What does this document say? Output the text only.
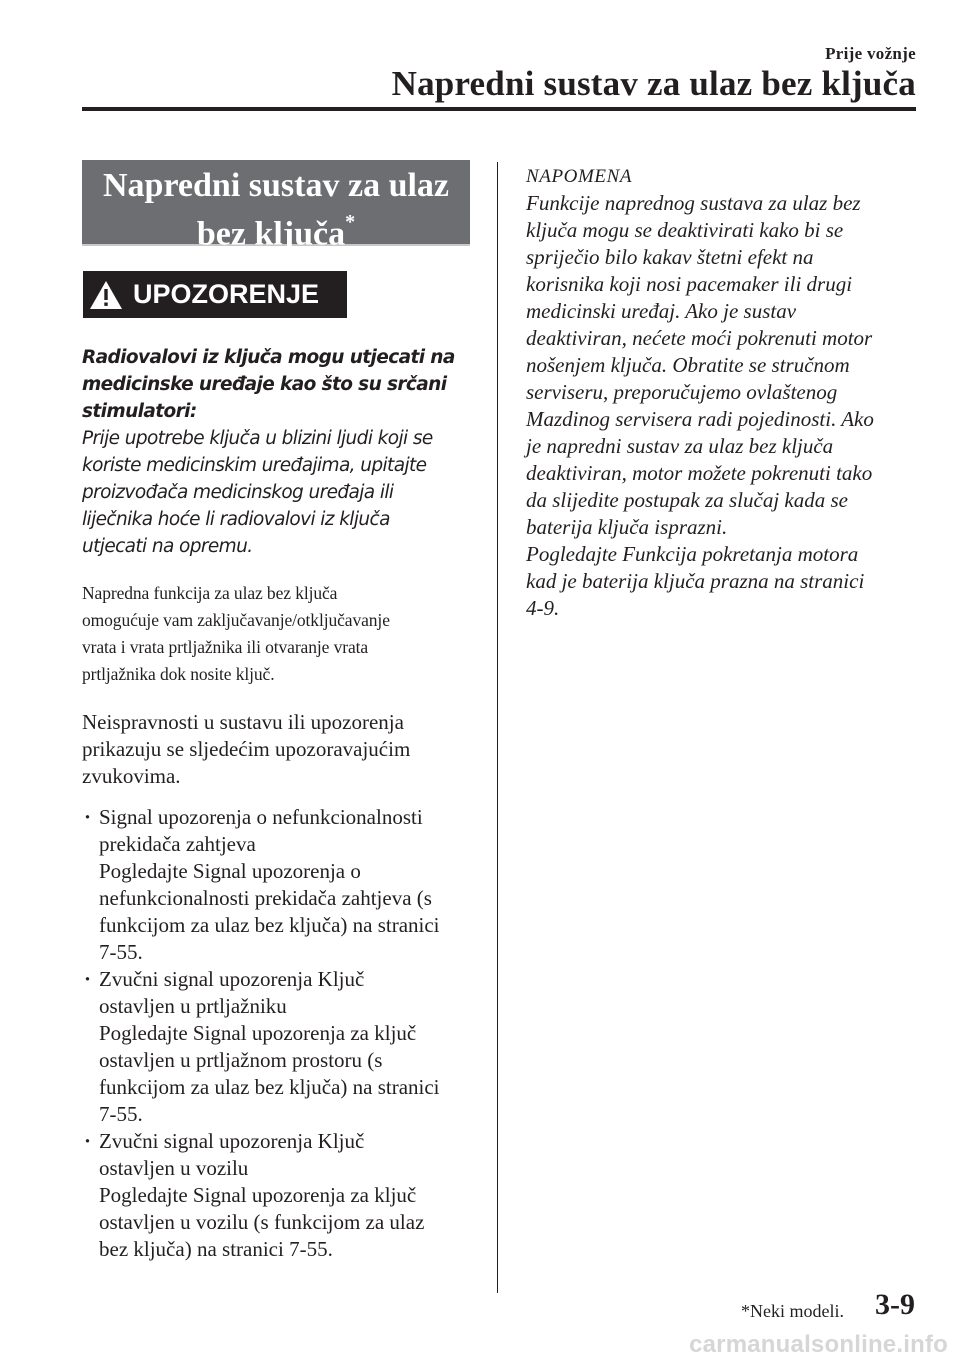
Prije vožnje
Napredni sustav za ulaz bez ključa
Napredni sustav za ulaz
bez ključa*
UPOZORENJE
Radiovalovi iz ključa mogu utjecati na
medicinske uređaje kao što su srčani
stimulatori:
Prije upotrebe ključa u blizini ljudi koji se
koriste medicinskim uređajima, upitajte
proizvođača medicinskog uređaja ili
liječnika hoće li radiovalovi iz ključa
utjecati na opremu.
Napredna funkcija za ulaz bez ključa
omogućuje vam zaključavanje/otključavanje
vrata i vrata prtljažnika ili otvaranje vrata
prtljažnika dok nosite ključ.
Neispravnosti u sustavu ili upozorenja
prikazuju se sljedećim upozoravajućim
zvukovima.
· Signal upozorenja o nefunkcionalnosti
prekidača zahtjeva
Pogledajte Signal upozorenja o
nefunkcionalnosti prekidača zahtjeva (s
funkcijom za ulaz bez ključa) na stranici
7-55.
· Zvučni signal upozorenja Ključ
ostavljen u prtljažniku
Pogledajte Signal upozorenja za ključ
ostavljen u prtljažnom prostoru (s
funkcijom za ulaz bez ključa) na stranici
7-55.
· Zvučni signal upozorenja Ključ
ostavljen u vozilu
Pogledajte Signal upozorenja za ključ
ostavljen u vozilu (s funkcijom za ulaz
bez ključa) na stranici 7-55.
NAPOMENA
Funkcije naprednog sustava za ulaz bez
ključa mogu se deaktivirati kako bi se
spriječio bilo kakav štetni efekt na
korisnika koji nosi pacemaker ili drugi
medicinski uređaj. Ako je sustav
deaktiviran, nećete moći pokrenuti motor
nošenjem ključa. Obratite se stručnom
serviseru, preporučujemo ovlaštenog
Mazdinog servisera radi pojedinosti. Ako
je napredni sustav za ulaz bez ključa
deaktiviran, motor možete pokrenuti tako
da slijedite postupak za slučaj kada se
baterija ključa isprazni.
Pogledajte Funkcija pokretanja motora
kad je baterija ključa prazna na stranici
4-9.
*Neki modeli. 3-9
carmanualsonline.info
